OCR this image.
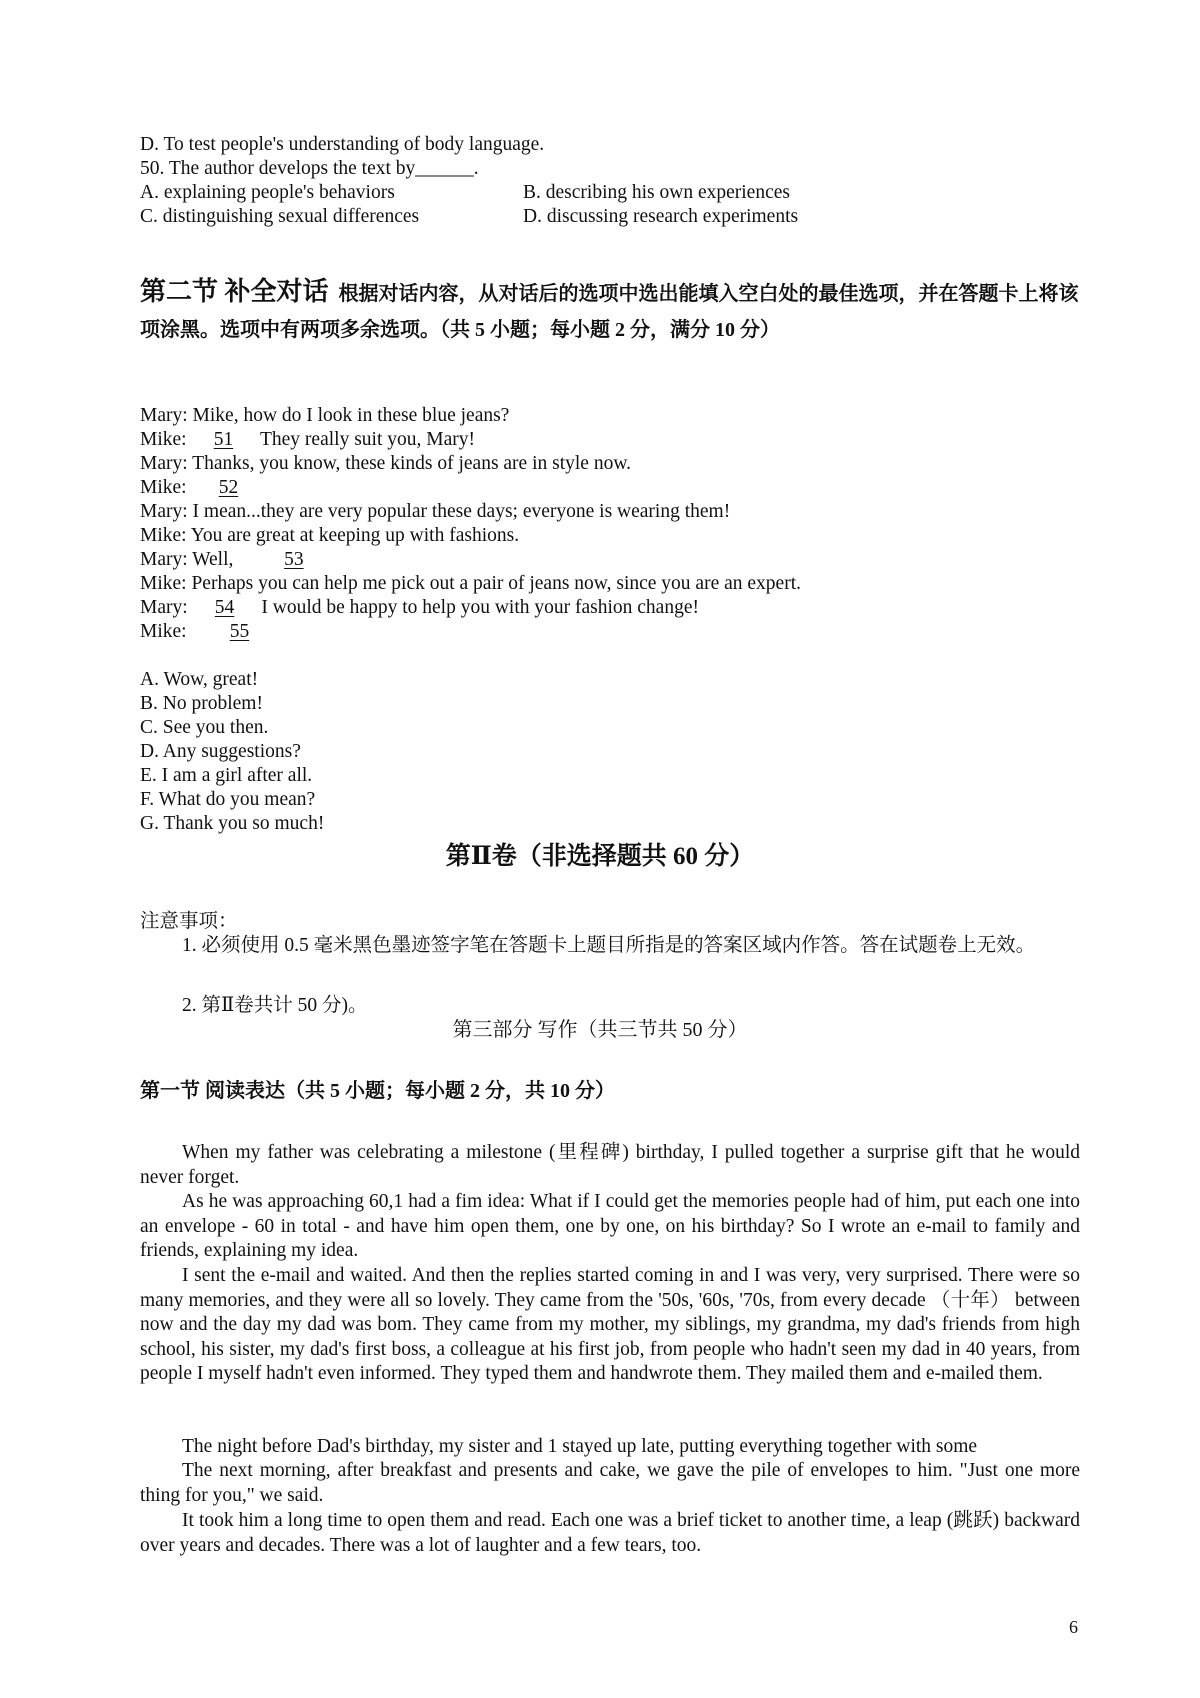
D. To test people's understanding of body language.
50. The author develops the text by______.
A. explaining people's behaviors	B. describing his own experiences
C. distinguishing sexual differences	D. discussing research experiments
第二节 补全对话 根据对话内容，从对话后的选项中选出能填入空白处的最佳选项，并在答题卡上将该项涂黑。选项中有两项多余选项。（共 5 小题；每小题 2 分，满分 10 分）
Mary: Mike, how do I look in these blue jeans?
Mike: 51 They really suit you, Mary!
Mary: Thanks, you know, these kinds of jeans are in style now.
Mike: 52
Mary: I mean...they are very popular these days; everyone is wearing them!
Mike: You are great at keeping up with fashions.
Mary: Well,    53
Mike: Perhaps you can help me pick out a pair of jeans now, since you are an expert.
Mary: 54 I would be happy to help you with your fashion change!
Mike: 55
A. Wow, great!
B. No problem!
C. See you then.
D. Any suggestions?
E. I am a girl after all.
F. What do you mean?
G. Thank you so much!
第Ⅱ卷（非选择题共 60 分）
注意事项：
1. 必须使用 0.5 毫米黑色墨迹签字笔在答题卡上题目所指是的答案区域内作答。答在试题卷上无效。
2. 第Ⅱ卷共计 50 分)。
第三部分 写作（共三节共 50 分）
第一节 阅读表达（共 5 小题；每小题 2 分，共 10 分）
When my father was celebrating a milestone (里程碑) birthday, I pulled together a surprise gift that he would never forget.
As he was approaching 60,1 had a fim idea: What if I could get the memories people had of him, put each one into an envelope - 60 in total - and have him open them, one by one, on his birthday? So I wrote an e-mail to family and friends, explaining my idea.
I sent the e-mail and waited. And then the replies started coming in and I was very, very surprised. There were so many memories, and they were all so lovely. They came from the '50s, '60s, '70s, from every decade （十年） between now and the day my dad was bom. They came from my mother, my siblings, my grandma, my dad's friends from high school, his sister, my dad's first boss, a colleague at his first job, from people who hadn't seen my dad in 40 years, from people I myself hadn't even informed. They typed them and handwrote them. They mailed them and e-mailed them.
The night before Dad's birthday, my sister and 1 stayed up late, putting everything together with some
The next morning, after breakfast and presents and cake, we gave the pile of envelopes to him. "Just one more thing for you," we said.
It took him a long time to open them and read. Each one was a brief ticket to another time, a leap (跳跃) backward over years and decades. There was a lot of laughter and a few tears, too.
6
